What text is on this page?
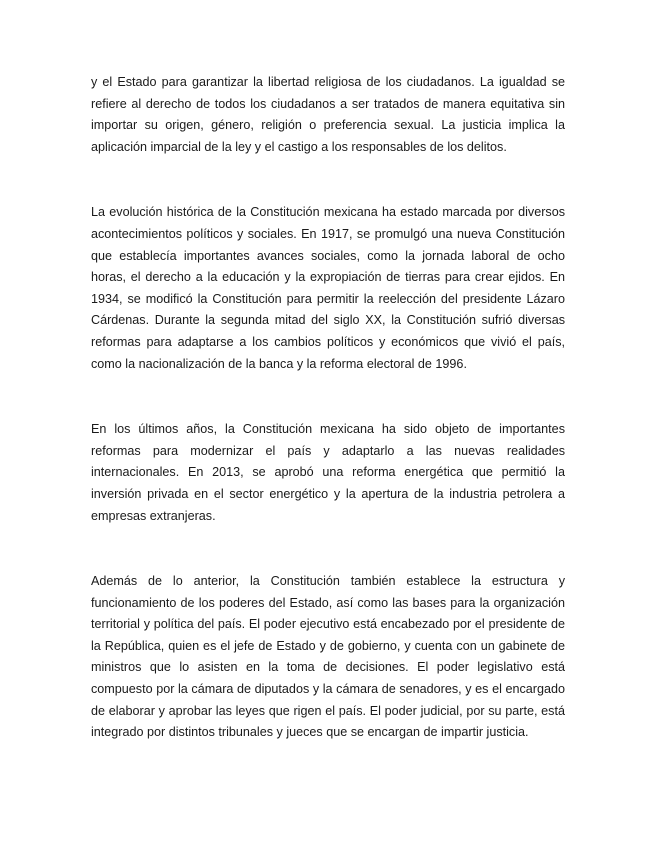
y el Estado para garantizar la libertad religiosa de los ciudadanos. La igualdad se refiere al derecho de todos los ciudadanos a ser tratados de manera equitativa sin importar su origen, género, religión o preferencia sexual. La justicia implica la aplicación imparcial de la ley y el castigo a los responsables de los delitos.

La evolución histórica de la Constitución mexicana ha estado marcada por diversos acontecimientos políticos y sociales. En 1917, se promulgó una nueva Constitución que establecía importantes avances sociales, como la jornada laboral de ocho horas, el derecho a la educación y la expropiación de tierras para crear ejidos. En 1934, se modificó la Constitución para permitir la reelección del presidente Lázaro Cárdenas. Durante la segunda mitad del siglo XX, la Constitución sufrió diversas reformas para adaptarse a los cambios políticos y económicos que vivió el país, como la nacionalización de la banca y la reforma electoral de 1996.

En los últimos años, la Constitución mexicana ha sido objeto de importantes reformas para modernizar el país y adaptarlo a las nuevas realidades internacionales. En 2013, se aprobó una reforma energética que permitió la inversión privada en el sector energético y la apertura de la industria petrolera a empresas extranjeras.

Además de lo anterior, la Constitución también establece la estructura y funcionamiento de los poderes del Estado, así como las bases para la organización territorial y política del país. El poder ejecutivo está encabezado por el presidente de la República, quien es el jefe de Estado y de gobierno, y cuenta con un gabinete de ministros que lo asisten en la toma de decisiones. El poder legislativo está compuesto por la cámara de diputados y la cámara de senadores, y es el encargado de elaborar y aprobar las leyes que rigen el país. El poder judicial, por su parte, está integrado por distintos tribunales y jueces que se encargan de impartir justicia.
